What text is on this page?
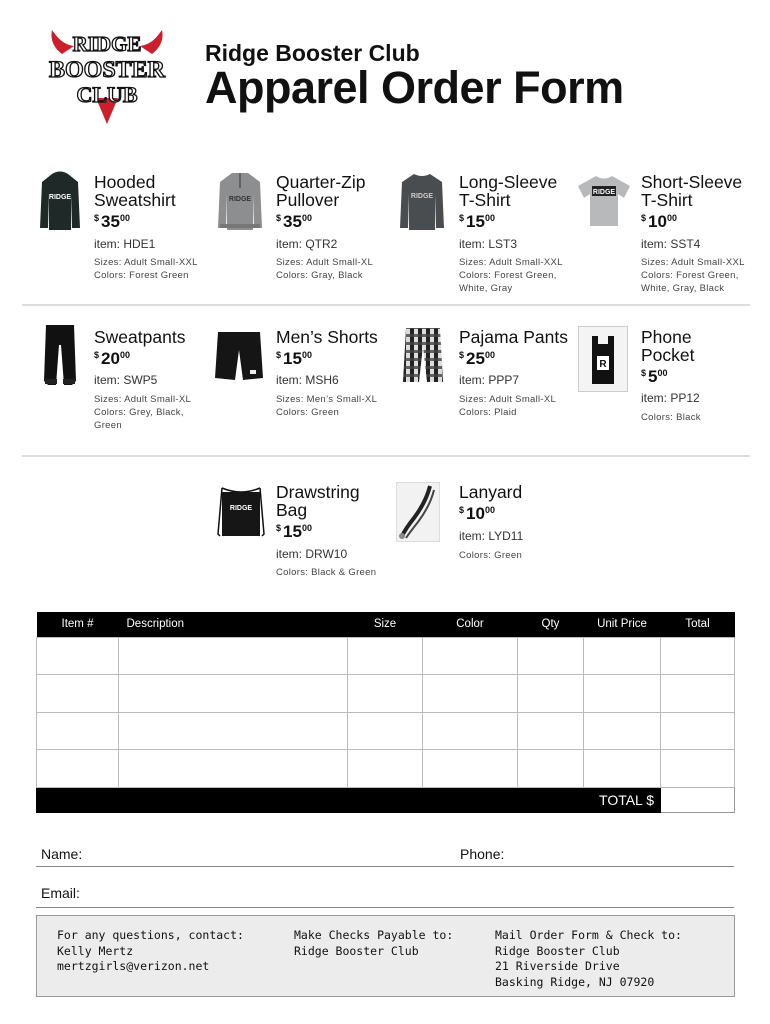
RIDGE
BOOSTER
CLUB
Ridge Booster Club
Apparel Order Form
RIDGE
Hooded
Sweatshirt
$ $35^{00}$
item: HDE1
Sizes: Adult Small-XXL
Colors: Forest Green
RIDGE
Quarter-Zip
Pullover
$ $35^{00}$
item: QTR2
Sizes: Adult Small-XL
Colors: Gray, Black
RIDGE
Long-Sleeve
T-Shirt
$ $15^{00}$
item: LST3
Sizes: Adult Small-XXL
Colors: Forest Green,
White, Gray
RIDGE
Short-Sleeve
T-Shirt
$ $10^{00}$
item: SST4
Sizes: Adult Small-XXL
Colors: Forest Green,
White, Gray, Black
Sweatpants
$ $20^{00}$
item: SWP5
Sizes: Adult Small-XL
Colors: Grey, Black,
Green
Men’s Shorts
$ $15^{00}$
item: MSH6
Sizes: Men’s Small-XL
Colors: Green
Pajama Pants
$ $25^{00}$
item: PPP7
Sizes: Adult Small-XL
Colors: Plaid
R
Phone
Pocket
$ $5^{00}$
item: PP12
Colors: Black
RIDGE
Drawstring
Bag
$ $15^{00}$
item: DRW10
Colors: Black & Green
Lanyard
$ $10^{00}$
item: LYD11
Colors: Green
Item #	Description	Size	Color	Qty	Unit Price	Total

TOTAL $						
Name:	Phone:
Email:
For any questions, contact:
Kelly Mertz
mertzgirls@verizon.net
Make Checks Payable to:
Ridge Booster Club
Mail Order Form & Check to:
Ridge Booster Club
21 Riverside Drive
Basking Ridge, NJ 07920
